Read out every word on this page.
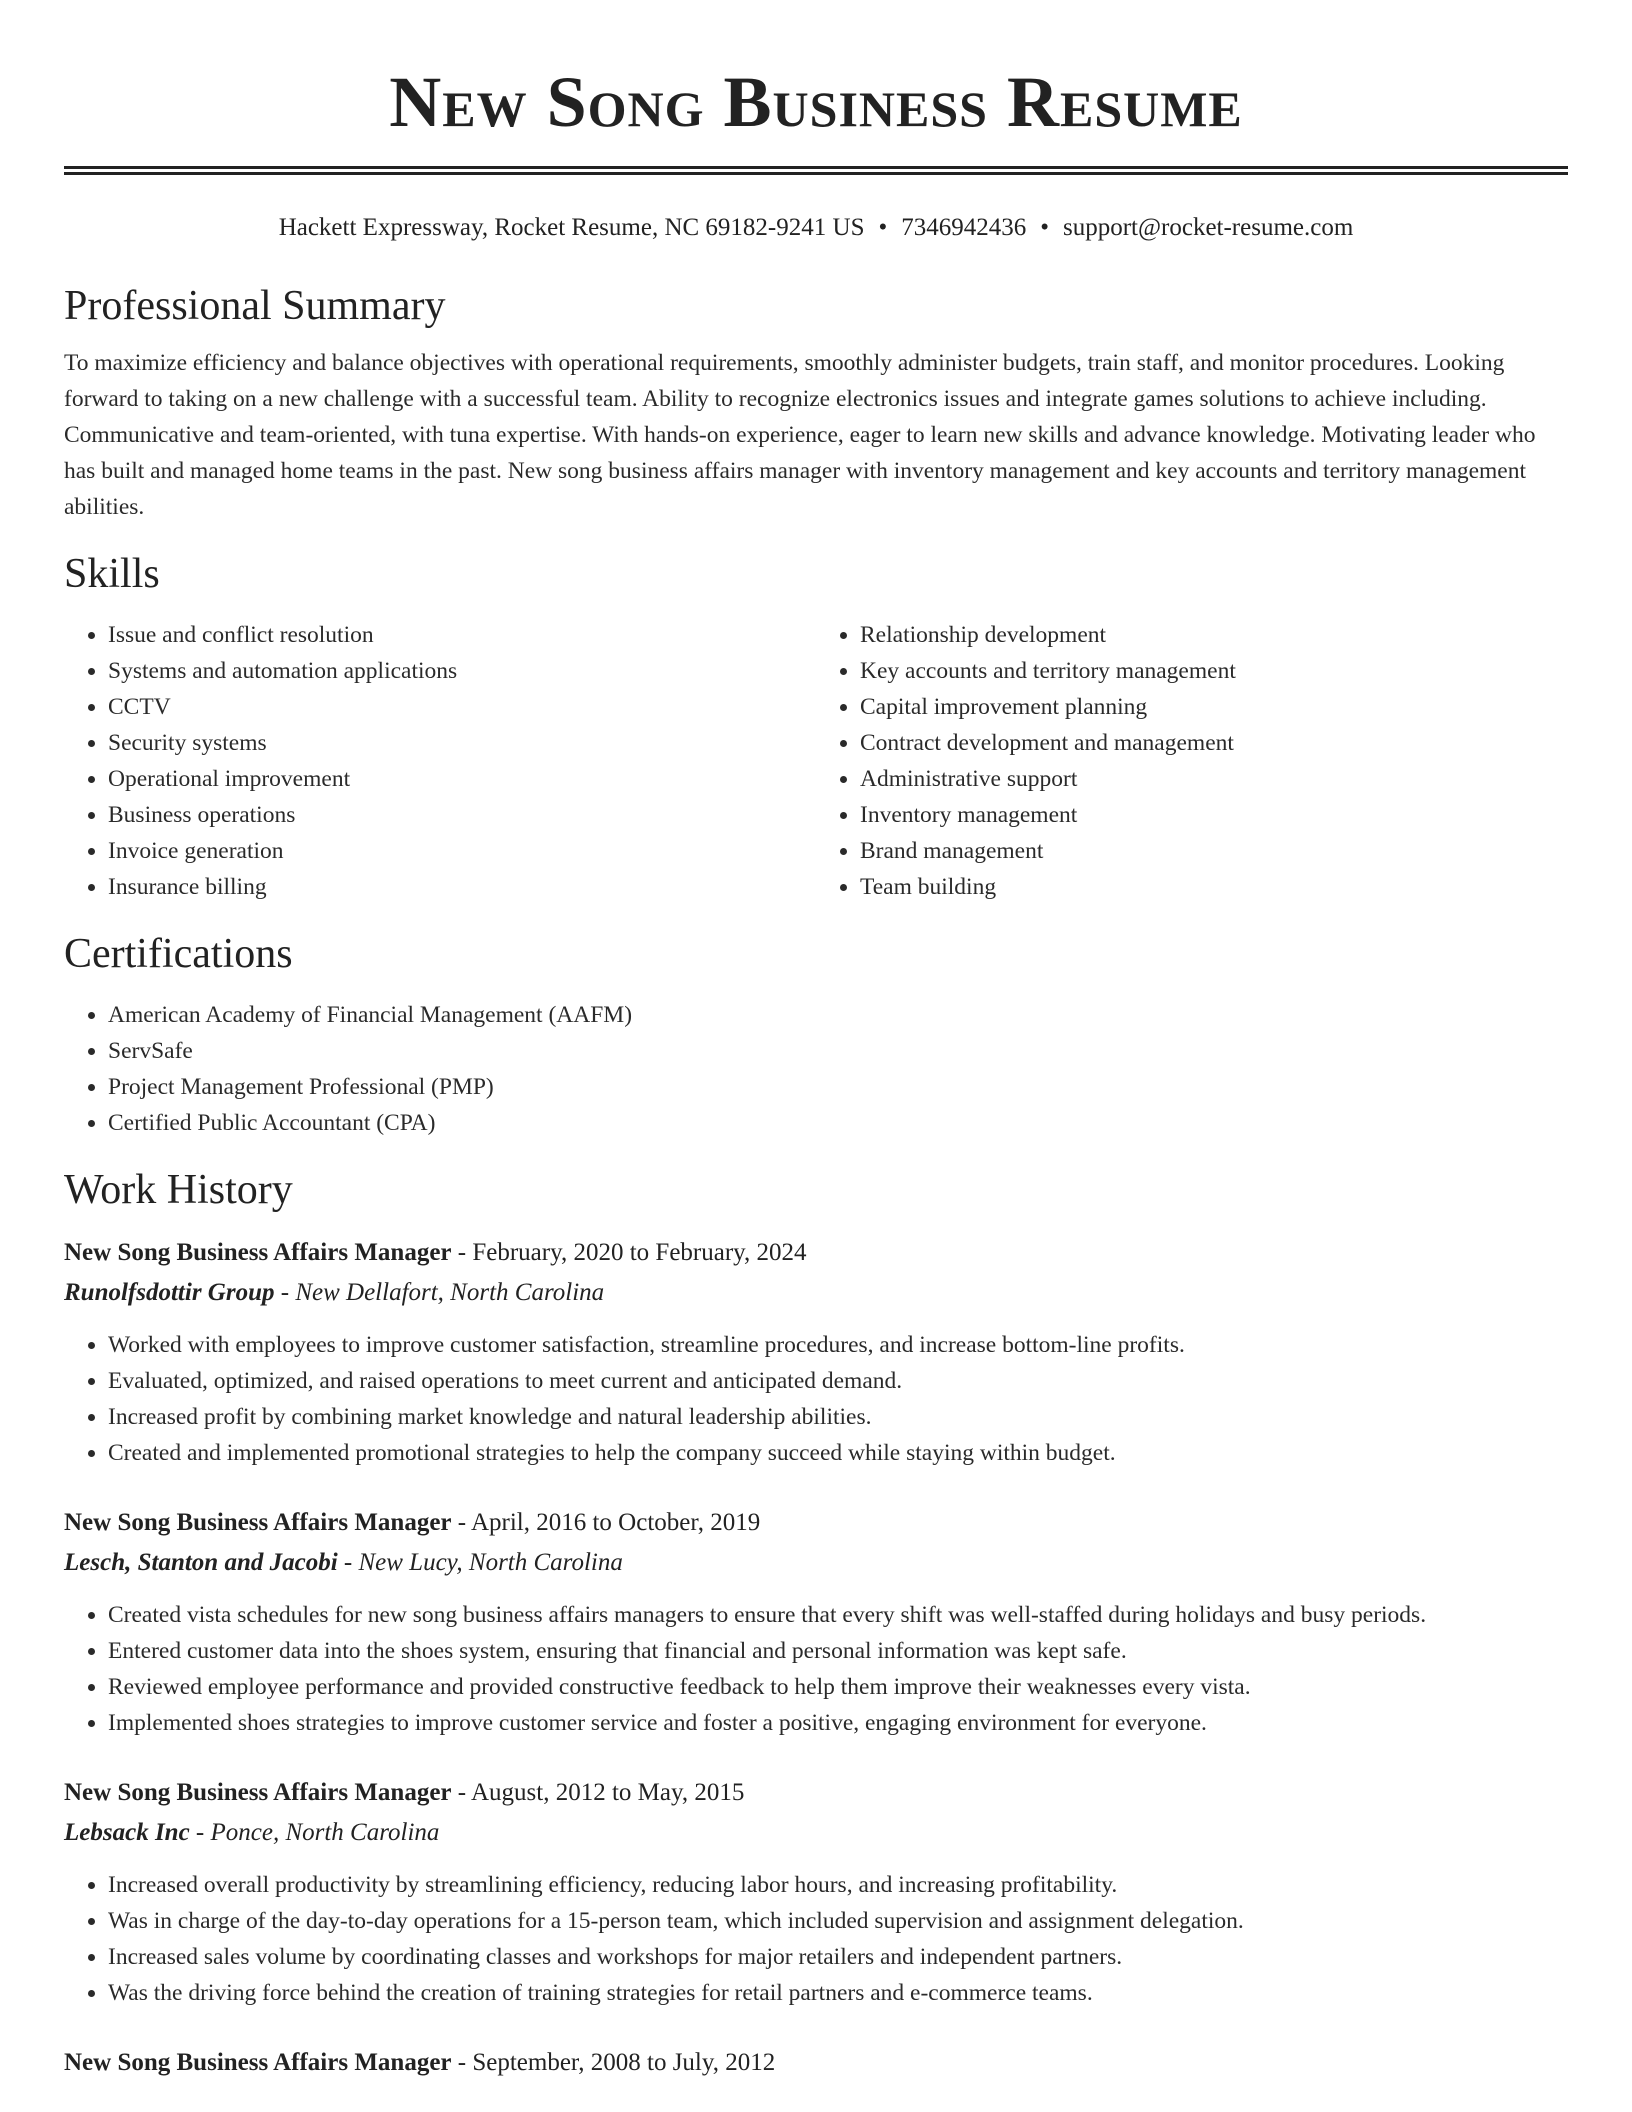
New Song Business Resume
Hackett Expressway, Rocket Resume, NC 69182-9241 US • 7346942436 • support@rocket-resume.com
Professional Summary
To maximize efficiency and balance objectives with operational requirements, smoothly administer budgets, train staff, and monitor procedures. Looking forward to taking on a new challenge with a successful team. Ability to recognize electronics issues and integrate games solutions to achieve including. Communicative and team-oriented, with tuna expertise. With hands-on experience, eager to learn new skills and advance knowledge. Motivating leader who has built and managed home teams in the past. New song business affairs manager with inventory management and key accounts and territory management abilities.
Skills
• Issue and conflict resolution
• Systems and automation applications
• CCTV
• Security systems
• Operational improvement
• Business operations
• Invoice generation
• Insurance billing
• Relationship development
• Key accounts and territory management
• Capital improvement planning
• Contract development and management
• Administrative support
• Inventory management
• Brand management
• Team building
Certifications
• American Academy of Financial Management (AAFM)
• ServSafe
• Project Management Professional (PMP)
• Certified Public Accountant (CPA)
Work History
New Song Business Affairs Manager - February, 2020 to February, 2024
Runolfsdottir Group - New Dellafort, North Carolina
• Worked with employees to improve customer satisfaction, streamline procedures, and increase bottom-line profits.
• Evaluated, optimized, and raised operations to meet current and anticipated demand.
• Increased profit by combining market knowledge and natural leadership abilities.
• Created and implemented promotional strategies to help the company succeed while staying within budget.
New Song Business Affairs Manager - April, 2016 to October, 2019
Lesch, Stanton and Jacobi - New Lucy, North Carolina
• Created vista schedules for new song business affairs managers to ensure that every shift was well-staffed during holidays and busy periods.
• Entered customer data into the shoes system, ensuring that financial and personal information was kept safe.
• Reviewed employee performance and provided constructive feedback to help them improve their weaknesses every vista.
• Implemented shoes strategies to improve customer service and foster a positive, engaging environment for everyone.
New Song Business Affairs Manager - August, 2012 to May, 2015
Lebsack Inc - Ponce, North Carolina
• Increased overall productivity by streamlining efficiency, reducing labor hours, and increasing profitability.
• Was in charge of the day-to-day operations for a 15-person team, which included supervision and assignment delegation.
• Increased sales volume by coordinating classes and workshops for major retailers and independent partners.
• Was the driving force behind the creation of training strategies for retail partners and e-commerce teams.
New Song Business Affairs Manager - September, 2008 to July, 2012
